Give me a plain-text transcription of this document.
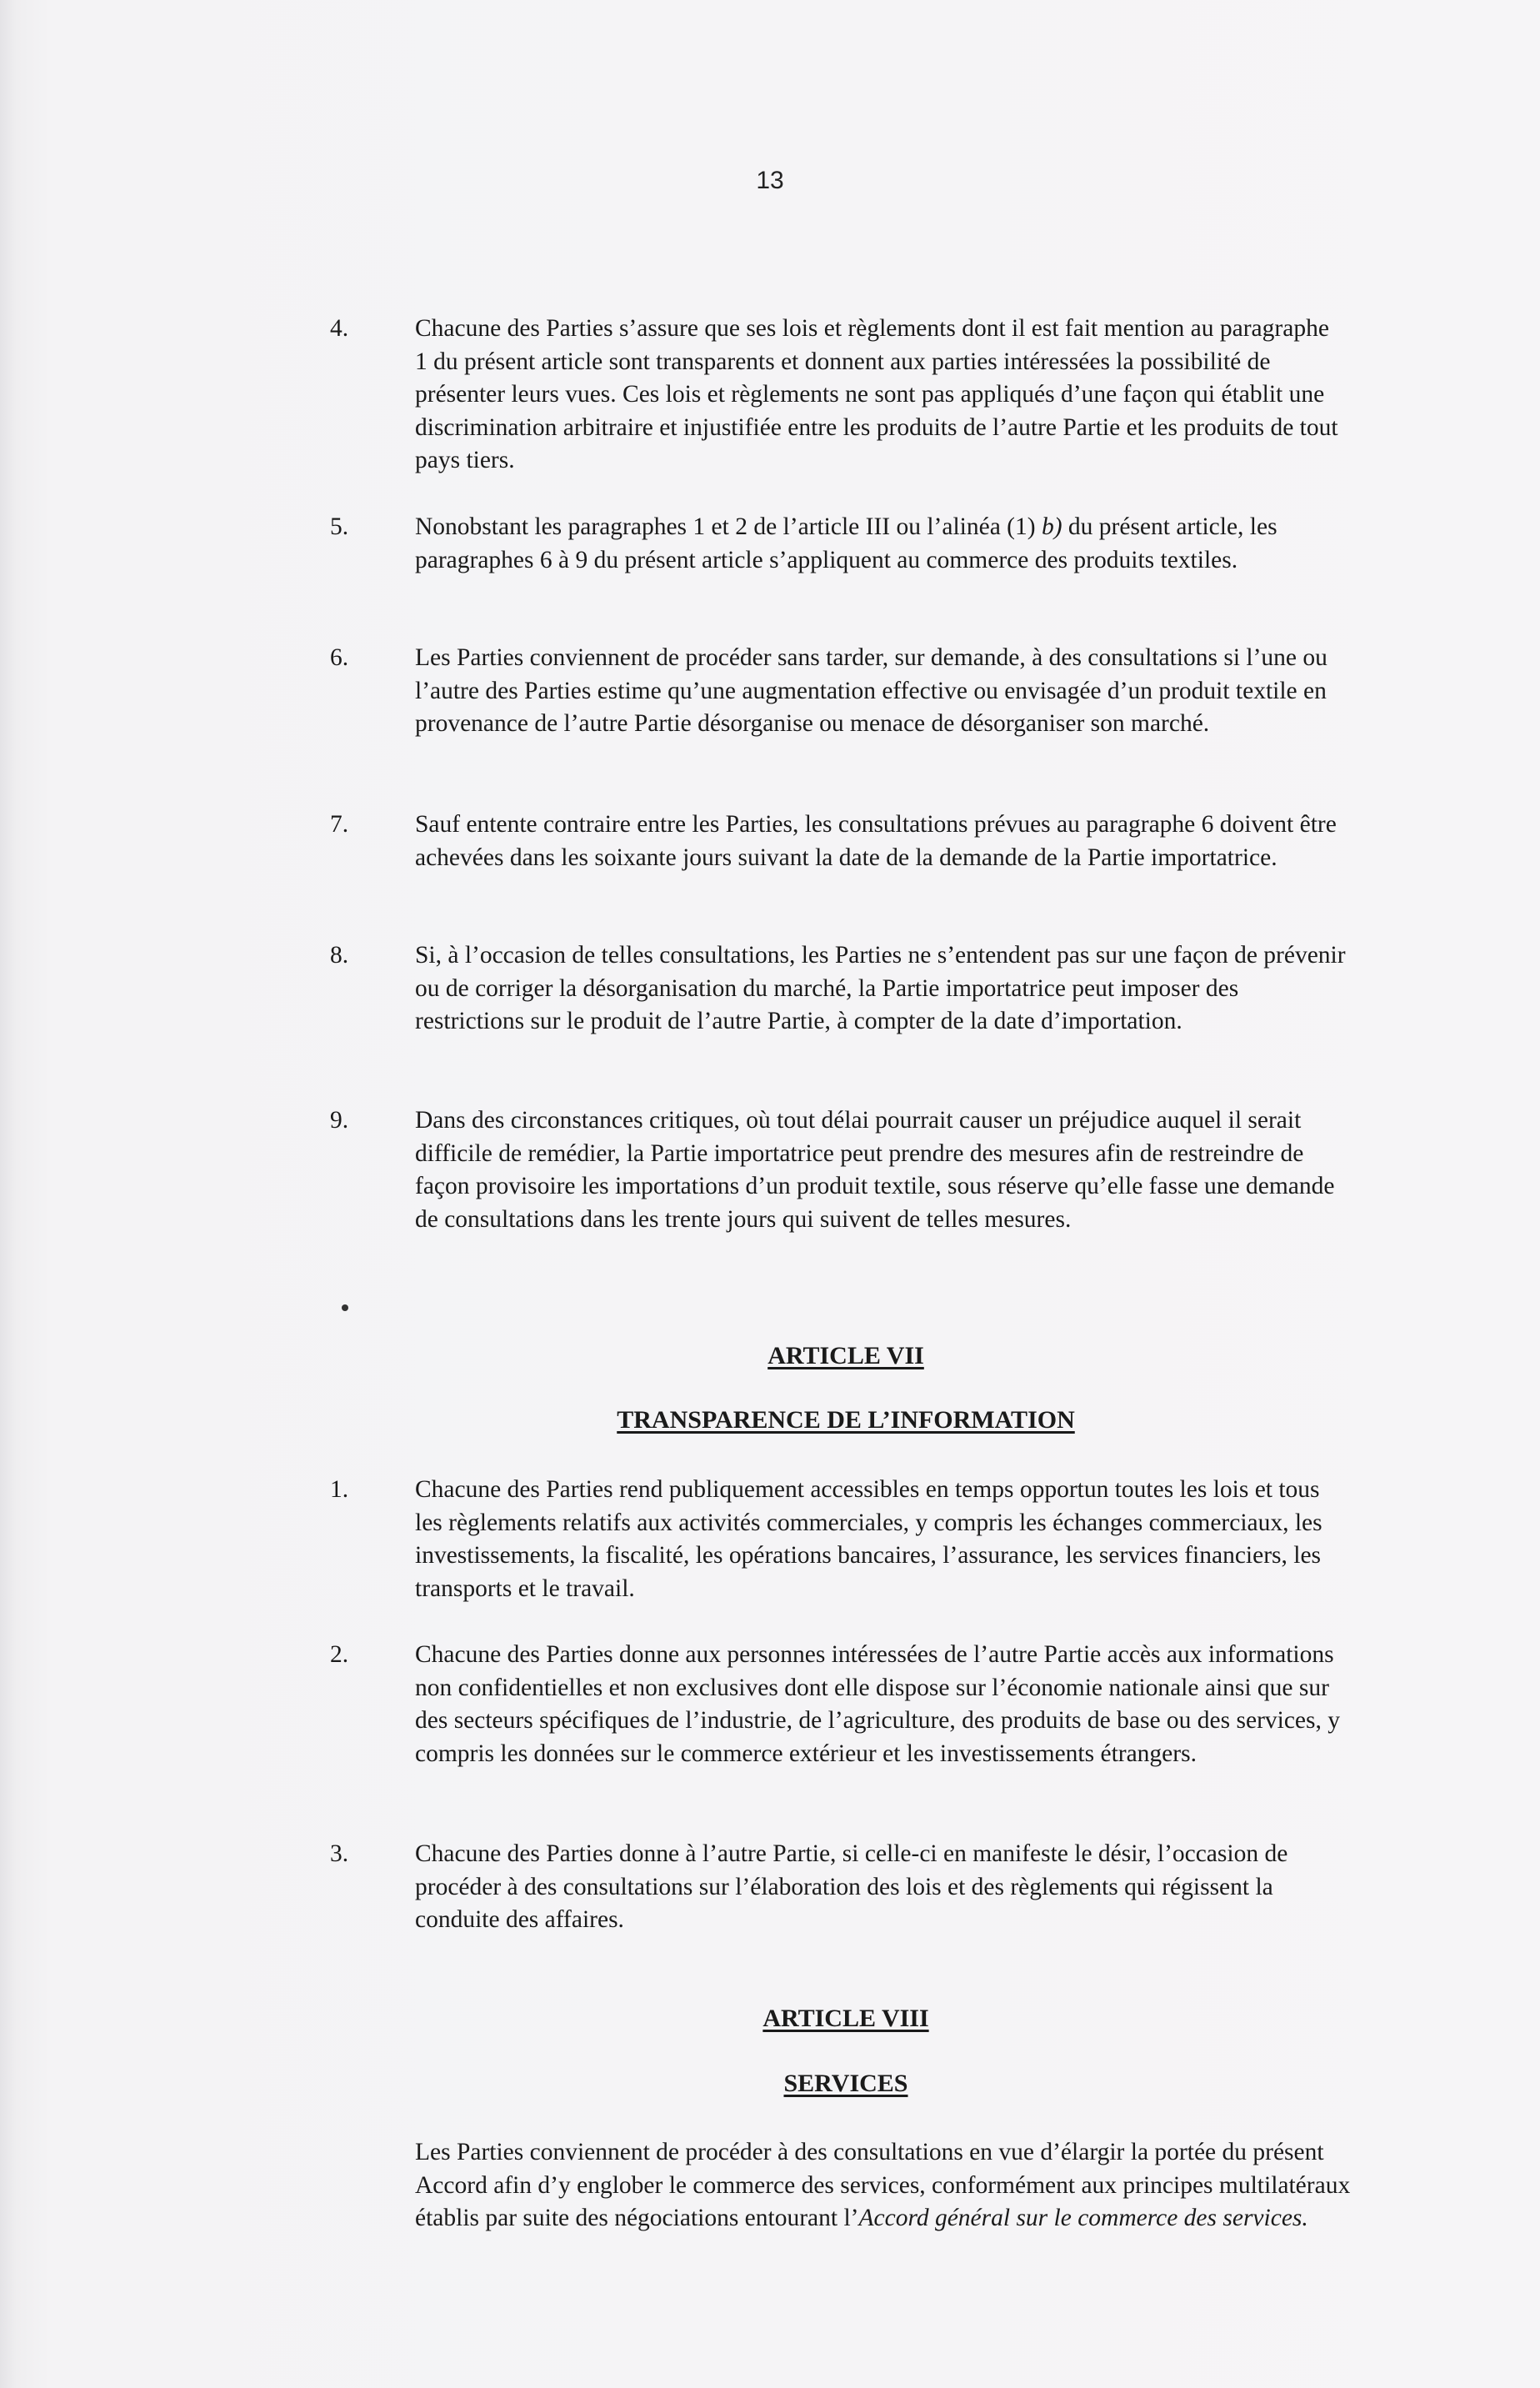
13
4.	Chacune des Parties s’assure que ses lois et règlements dont il est fait mention au paragraphe 1 du présent article sont transparents et donnent aux parties intéressées la possibilité de présenter leurs vues. Ces lois et règlements ne sont pas appliqués d’une façon qui établit une discrimination arbitraire et injustifiée entre les produits de l’autre Partie et les produits de tout pays tiers.
5.	Nonobstant les paragraphes 1 et 2 de l’article III ou l’alinéa (1) b) du présent article, les paragraphes 6 à 9 du présent article s’appliquent au commerce des produits textiles.
6.	Les Parties conviennent de procéder sans tarder, sur demande, à des consultations si l’une ou l’autre des Parties estime qu’une augmentation effective ou envisagée d’un produit textile en provenance de l’autre Partie désorganise ou menace de désorganiser son marché.
7.	Sauf entente contraire entre les Parties, les consultations prévues au paragraphe 6 doivent être achevées dans les soixante jours suivant la date de la demande de la Partie importatrice.
8.	Si, à l’occasion de telles consultations, les Parties ne s’entendent pas sur une façon de prévenir ou de corriger la désorganisation du marché, la Partie importatrice peut imposer des restrictions sur le produit de l’autre Partie, à compter de la date d’importation.
9.	Dans des circonstances critiques, où tout délai pourrait causer un préjudice auquel il serait difficile de remédier, la Partie importatrice peut prendre des mesures afin de restreindre de façon provisoire les importations d’un produit textile, sous réserve qu’elle fasse une demande de consultations dans les trente jours qui suivent de telles mesures.
ARTICLE VII
TRANSPARENCE DE L’INFORMATION
1.	Chacune des Parties rend publiquement accessibles en temps opportun toutes les lois et tous les règlements relatifs aux activités commerciales, y compris les échanges commerciaux, les investissements, la fiscalité, les opérations bancaires, l’assurance, les services financiers, les transports et le travail.
2.	Chacune des Parties donne aux personnes intéressées de l’autre Partie accès aux informations non confidentielles et non exclusives dont elle dispose sur l’économie nationale ainsi que sur des secteurs spécifiques de l’industrie, de l’agriculture, des produits de base ou des services, y compris les données sur le commerce extérieur et les investissements étrangers.
3.	Chacune des Parties donne à l’autre Partie, si celle-ci en manifeste le désir, l’occasion de procéder à des consultations sur l’élaboration des lois et des règlements qui régissent la conduite des affaires.
ARTICLE VIII
SERVICES
Les Parties conviennent de procéder à des consultations en vue d’élargir la portée du présent Accord afin d’y englober le commerce des services, conformément aux principes multilatéraux établis par suite des négociations entourant l’Accord général sur le commerce des services.
